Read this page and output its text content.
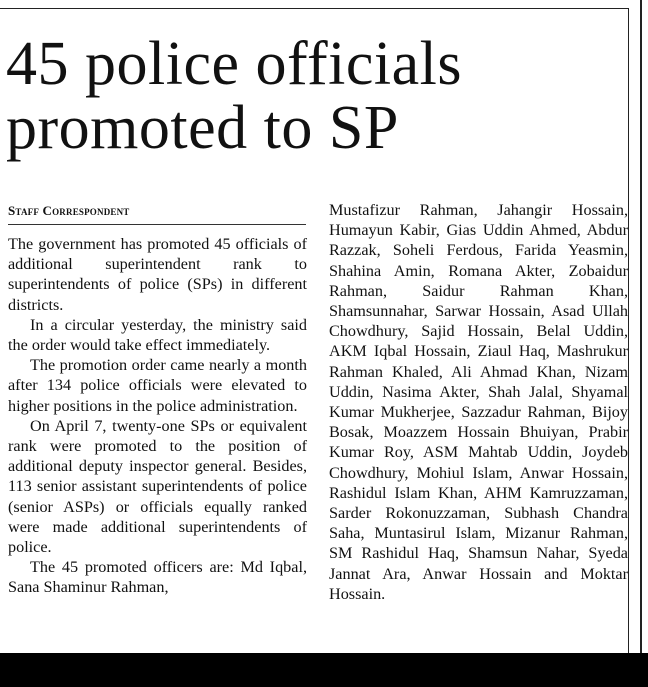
45 police officials promoted to SP
Staff Correspondent

The government has promoted 45 officials of additional superintendent rank to superintendents of police (SPs) in different districts.

In a circular yesterday, the ministry said the order would take effect immediately.

The promotion order came nearly a month after 134 police officials were elevated to higher positions in the police administration.

On April 7, twenty-one SPs or equivalent rank were promoted to the position of additional deputy inspector general. Besides, 113 senior assistant superintendents of police (senior ASPs) or officials equally ranked were made additional superintendents of police.

The 45 promoted officers are: Md Iqbal, Sana Shaminur Rahman,

Mustafizur Rahman, Jahangir Hossain, Humayun Kabir, Gias Uddin Ahmed, Abdur Razzak, Soheli Ferdous, Farida Yeasmin, Shahina Amin, Romana Akter, Zobaidur Rahman, Saidur Rahman Khan, Shamsunnahar, Sarwar Hossain, Asad Ullah Chowdhury, Sajid Hossain, Belal Uddin, AKM Iqbal Hossain, Ziaul Haq, Mashrukur Rahman Khaled, Ali Ahmad Khan, Nizam Uddin, Nasima Akter, Shah Jalal, Shyamal Kumar Mukherjee, Sazzadur Rahman, Bijoy Bosak, Moazzem Hossain Bhuiyan, Prabir Kumar Roy, ASM Mahtab Uddin, Joydeb Chowdhury, Mohiul Islam, Anwar Hossain, Rashidul Islam Khan, AHM Kamruzzaman, Sarder Rokonuzzaman, Subhash Chandra Saha, Muntasirul Islam, Mizanur Rahman, SM Rashidul Haq, Shamsun Nahar, Syeda Jannat Ara, Anwar Hossain and Moktar Hossain.
